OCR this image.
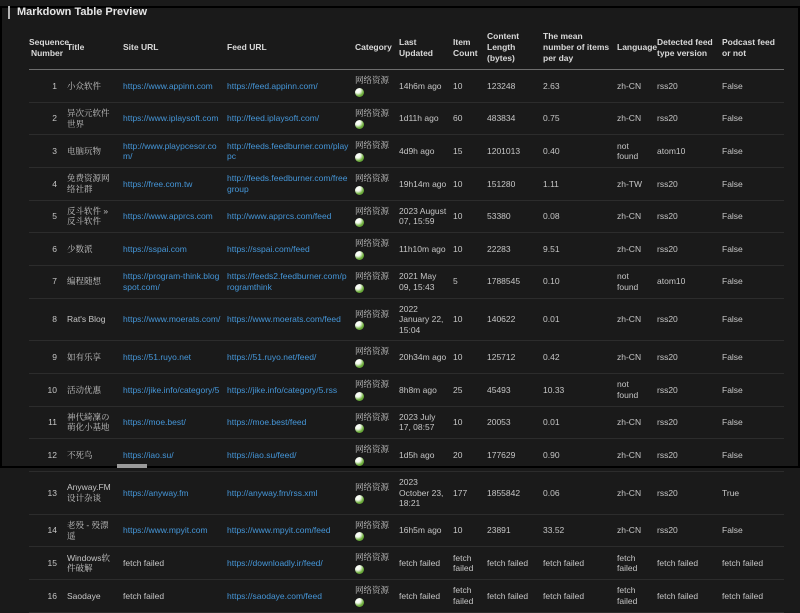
Markdown Table Preview
Sequence Number	Title	Site URL	Feed URL	Category	Last Updated	Item Count	Content Length (bytes)	The mean number of items per day	Language	Detected feed type version	Podcast feed or not
1	小众软件	https://www.appinn.com	https://feed.appinn.com/	网络资源	14h6m ago	10	123248	2.63	zh-CN	rss20	False
2	异次元软件世界	https://www.iplaysoft.com	http://feed.iplaysoft.com/	网络资源	1d11h ago	60	483834	0.75	zh-CN	rss20	False
3	电脑玩物	http://www.playpcesor.com/	http://feeds.feedburner.com/playpc	网络资源	4d9h ago	15	1201013	0.40	not found	atom10	False
4	免费资源网络社群	https://free.com.tw	http://feeds.feedburner.com/freegroup	网络资源	19h14m ago	10	151280	1.11	zh-TW	rss20	False
5	反斗软件 » 反斗软件	https://www.apprcs.com	http://www.apprcs.com/feed	网络资源	2023 August 07, 15:59	10	53380	0.08	zh-CN	rss20	False
6	少数派	https://sspai.com	https://sspai.com/feed	网络资源	11h10m ago	10	22283	9.51	zh-CN	rss20	False
7	编程随想	https://program-think.blogspot.com/	https://feeds2.feedburner.com/programthink	网络资源	2021 May 09, 15:43	5	1788545	0.10	not found	atom10	False
8	Rat's Blog	https://www.moerats.com/	https://www.moerats.com/feed	网络资源	2022 January 22, 15:04	10	140622	0.01	zh-CN	rss20	False
9	如有乐享	https://51.ruyo.net	https://51.ruyo.net/feed/	网络资源	20h34m ago	10	125712	0.42	zh-CN	rss20	False
10	活动优惠	https://jike.info/category/5	https://jike.info/category/5.rss	网络资源	8h8m ago	25	45493	10.33	not found	rss20	False
11	神代綺凜の萌化小基地	https://moe.best/	https://moe.best/feed	网络资源	2023 July 17, 08:57	10	20053	0.01	zh-CN	rss20	False
12	不死鸟	https://iao.su/	https://iao.su/feed/	网络资源	1d5h ago	20	177629	0.90	zh-CN	rss20	False
13	Anyway.FM 设计杂谈	https://anyway.fm	http://anyway.fm/rss.xml	网络资源	2023 October 23, 18:21	177	1855842	0.06	zh-CN	rss20	True
14	老殁 - 殁漂遥	https://www.mpyit.com	https://www.mpyit.com/feed	网络资源	16h5m ago	10	23891	33.52	zh-CN	rss20	False
15	Windows软件破解	fetch failed	https://downloadly.ir/feed/	网络资源	fetch failed	fetch failed	fetch failed	fetch failed	fetch failed	fetch failed	fetch failed
16	Saodaye	fetch failed	https://saodaye.com/feed	网络资源	fetch failed	fetch failed	fetch failed	fetch failed	fetch failed	fetch failed	fetch failed
